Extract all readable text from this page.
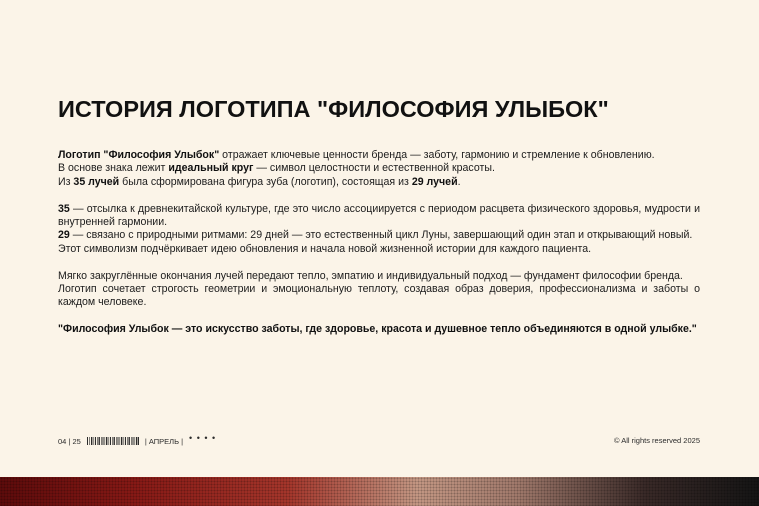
ИСТОРИЯ ЛОГОТИПА "ФИЛОСОФИЯ УЛЫБОК"

Логотип "Философия Улыбок" отражает ключевые ценности бренда — заботу, гармонию и стремление к обновлению.

В основе знака лежит идеальный круг — символ целостности и естественной красоты.

Из 35 лучей была сформирована фигура зуба (логотип), состоящая из 29 лучей.

35 — отсылка к древнекитайской культуре, где это число ассоциируется с периодом расцвета физического здоровья, мудрости и внутренней гармонии.

29 — связано с природными ритмами: 29 дней — это естественный цикл Луны, завершающий один этап и открывающий новый.

Этот символизм подчёркивает идею обновления и начала новой жизненной истории для каждого пациента.

Мягко закруглённые окончания лучей передают тепло, эмпатию и индивидуальный подход — фундамент философии бренда.

Логотип сочетает строгость геометрии и эмоциональную теплоту, создавая образ доверия, профессионализма и заботы о каждом человеке.

"Философия Улыбок — это искусство заботы, где здоровье, красота и душевное тепло объединяются в одной улыбке."

04 | 25	| АПРЕЛЬ | • • • •	© All rights reserved 2025
